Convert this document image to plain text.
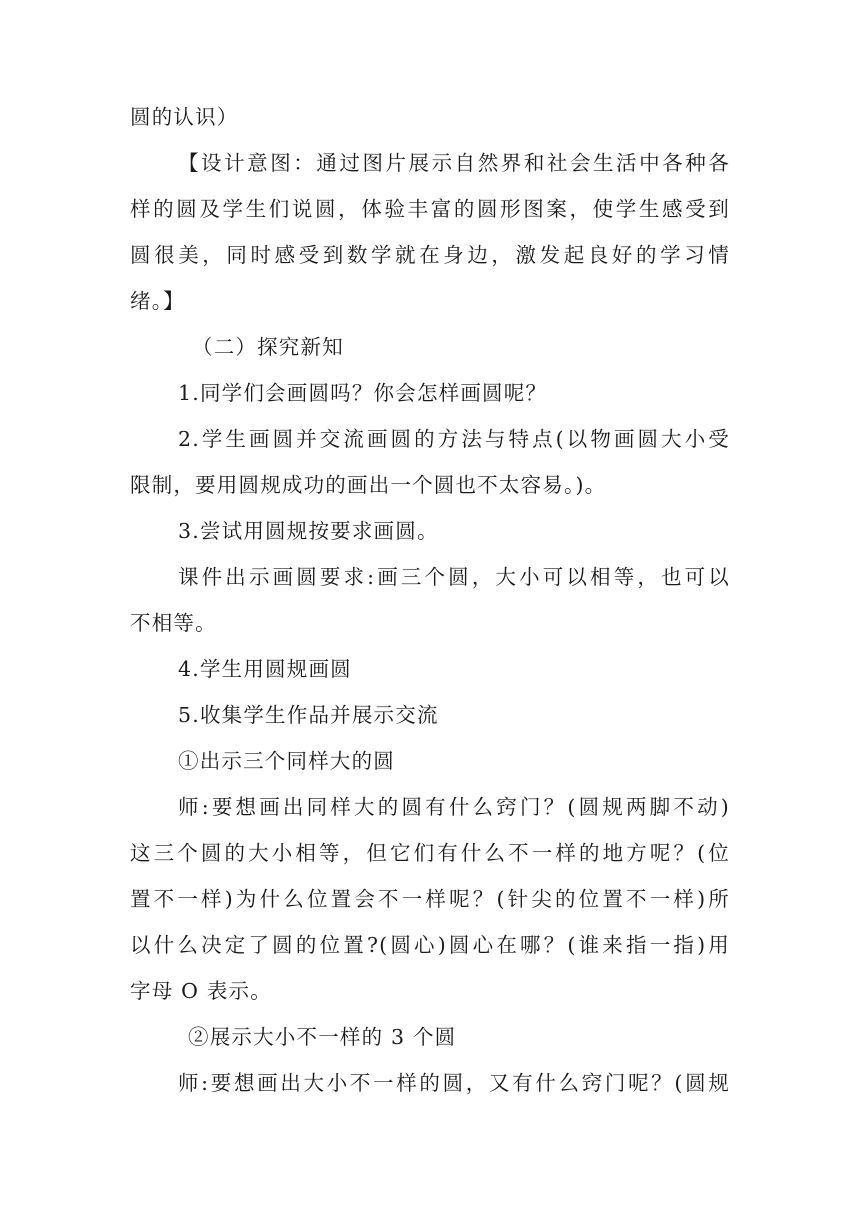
圆的认识）
【设计意图：通过图片展示自然界和社会生活中各种各
样的圆及学生们说圆，体验丰富的圆形图案，使学生感受到
圆很美，同时感受到数学就在身边，激发起良好的学习情
绪。】
（二）探究新知
1.同学们会画圆吗？你会怎样画圆呢？
2.学生画圆并交流画圆的方法与特点(以物画圆大小受
限制，要用圆规成功的画出一个圆也不太容易。)。
3.尝试用圆规按要求画圆。
课件出示画圆要求:画三个圆，大小可以相等，也可以
不相等。
4.学生用圆规画圆
5.收集学生作品并展示交流
①出示三个同样大的圆
师:要想画出同样大的圆有什么窍门？(圆规两脚不动)
这三个圆的大小相等，但它们有什么不一样的地方呢？(位
置不一样)为什么位置会不一样呢？(针尖的位置不一样)所
以什么决定了圆的位置?(圆心)圆心在哪？(谁来指一指)用
字母 O 表示。
②展示大小不一样的 3 个圆
师:要想画出大小不一样的圆，又有什么窍门呢？(圆规
